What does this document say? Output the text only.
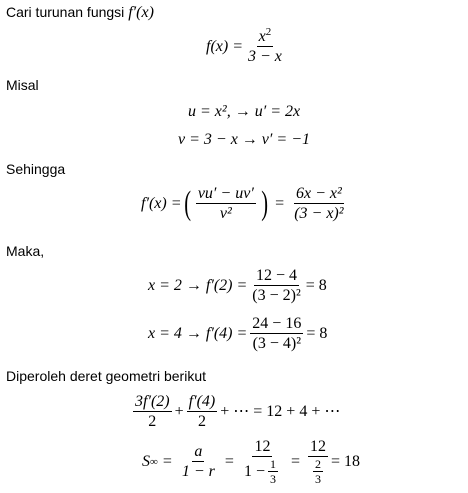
Cari turunan fungsi f′(x)
$f(x) = \frac{x^2}{3 - x}$
Misal
u = x², → u′ = 2x
v = 3 − x → v′ = −1
Sehingga
f′(x) = ( $\frac{vu' - uv'}{\text{v²}}$ ) = $\frac{\text{6x − x²}}{\text{(3 − x)²}}$
Maka,
$x = 2 \to f'(2) = \frac{12 - 4}{\text{(3 − 2)²}} = 8$
$x = 4 \to f'(4) = \frac{24 - 16}{\text{(3 − 4)²}} = 8$
Diperoleh deret geometri berikut
$\frac{3f'(2)}{2} + \frac{f'(4)}{2}$ + ⋯ = 12 + 4 + ⋯
S ∞ = $\frac{a}{1 - r} = \frac{12}{1 - \frac{1}{3}} = \frac{12}{\frac{2}{3}} = 18$
